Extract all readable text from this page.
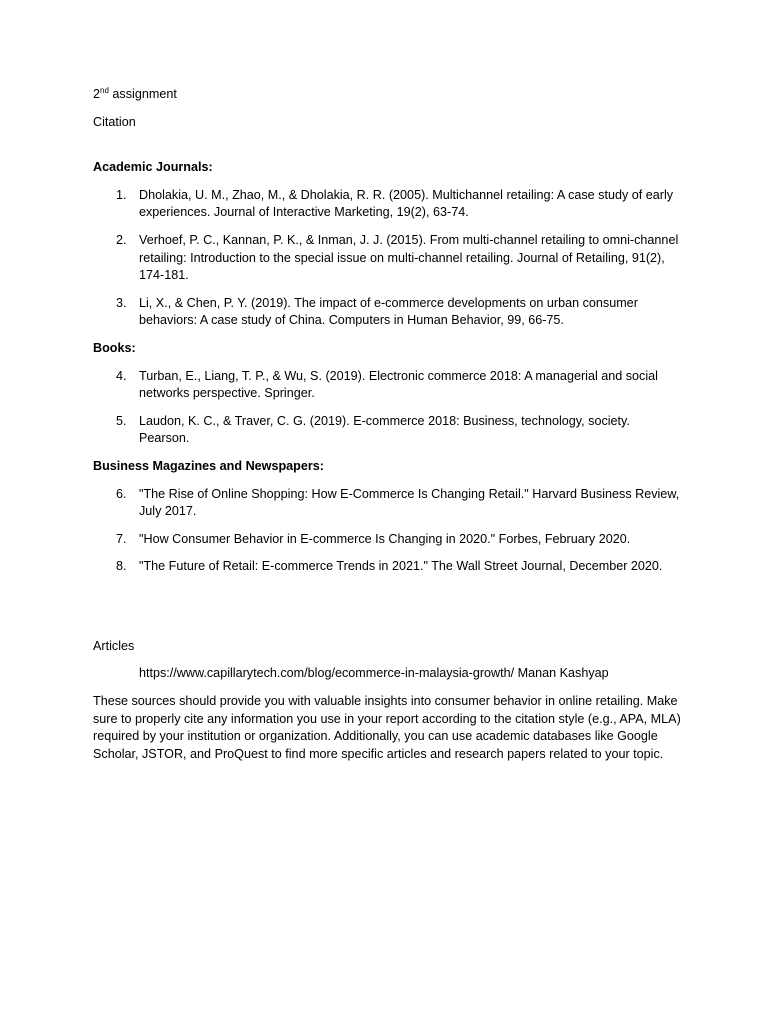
2nd assignment

Citation

Academic Journals:

1. Dholakia, U. M., Zhao, M., & Dholakia, R. R. (2005). Multichannel retailing: A case study of early experiences. Journal of Interactive Marketing, 19(2), 63-74.
2. Verhoef, P. C., Kannan, P. K., & Inman, J. J. (2015). From multi-channel retailing to omni-channel retailing: Introduction to the special issue on multi-channel retailing. Journal of Retailing, 91(2), 174-181.
3. Li, X., & Chen, P. Y. (2019). The impact of e-commerce developments on urban consumer behaviors: A case study of China. Computers in Human Behavior, 99, 66-75.

Books:

4. Turban, E., Liang, T. P., & Wu, S. (2019). Electronic commerce 2018: A managerial and social networks perspective. Springer.
5. Laudon, K. C., & Traver, C. G. (2019). E-commerce 2018: Business, technology, society. Pearson.

Business Magazines and Newspapers:

6. "The Rise of Online Shopping: How E-Commerce Is Changing Retail." Harvard Business Review, July 2017.
7. "How Consumer Behavior in E-commerce Is Changing in 2020." Forbes, February 2020.
8. "The Future of Retail: E-commerce Trends in 2021." The Wall Street Journal, December 2020.

Articles

https://www.capillarytech.com/blog/ecommerce-in-malaysia-growth/ Manan Kashyap

These sources should provide you with valuable insights into consumer behavior in online retailing. Make sure to properly cite any information you use in your report according to the citation style (e.g., APA, MLA) required by your institution or organization. Additionally, you can use academic databases like Google Scholar, JSTOR, and ProQuest to find more specific articles and research papers related to your topic.
